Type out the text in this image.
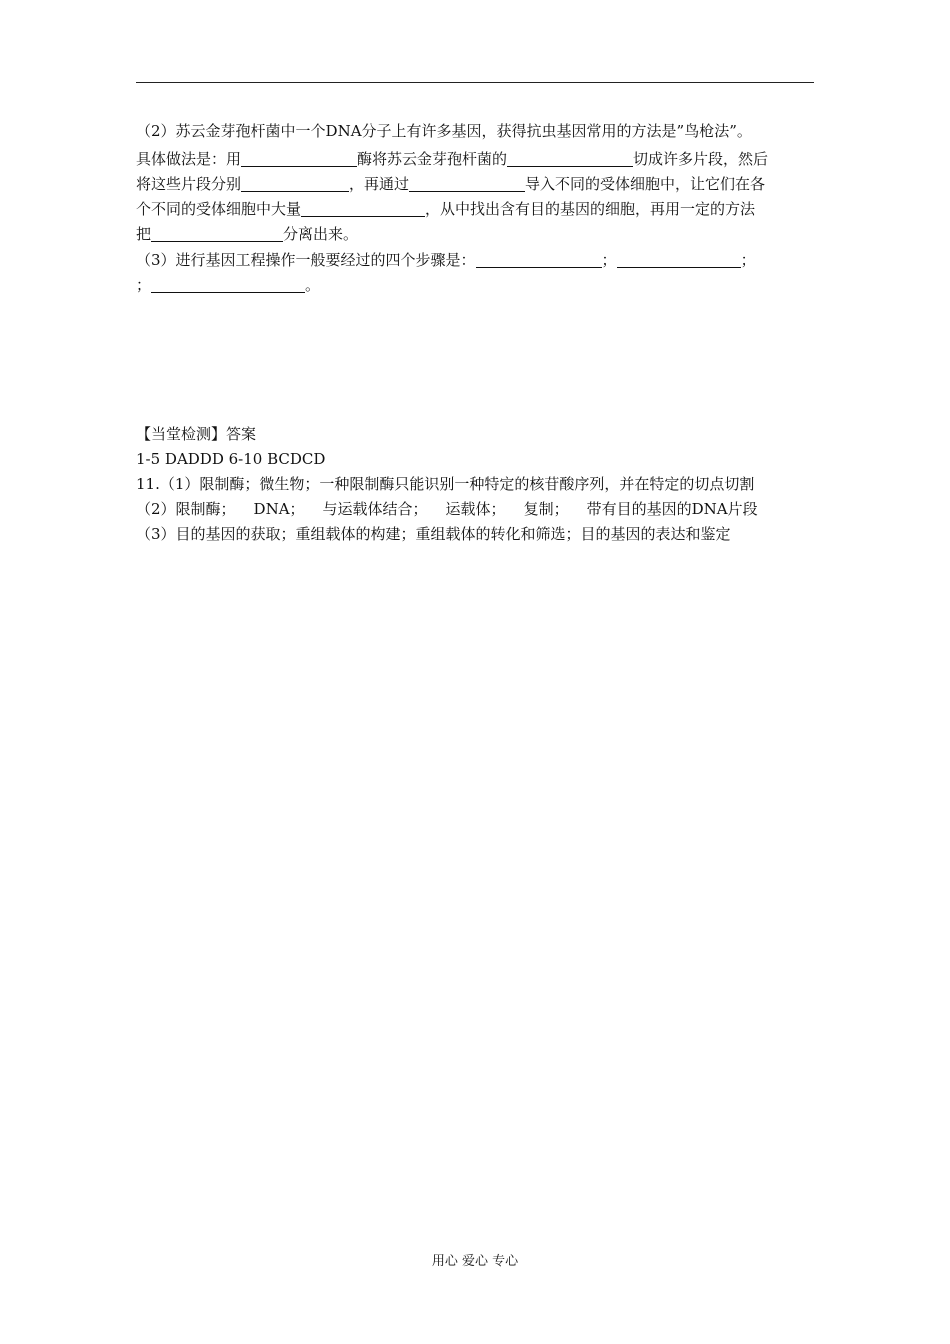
（2）苏云金芽孢杆菌中一个DNA分子上有许多基因，获得抗虫基因常用的方法是”鸟枪法”。
具体做法是：用	酶将苏云金芽孢杆菌的	切成许多片段，然后
将这些片段分别	，再通过	导入不同的受体细胞中，让它们在各
个不同的受体细胞中大量	，从中找出含有目的基因的细胞，再用一定的方法
把	分离出来。
（3）进行基因工程操作一般要经过的四个步骤是：	；	；
；	。
【当堂检测】答案
1-5 DADDD 6-10 BCDCD
11.（1）限制酶；微生物；一种限制酶只能识别一种特定的核苷酸序列，并在特定的切点切割
（2）限制酶； DNA； 与运载体结合； 运载体； 复制； 带有目的基因的DNA片段
（3）目的基因的获取；重组载体的构建；重组载体的转化和筛选；目的基因的表达和鉴定
用心 爱心 专心
